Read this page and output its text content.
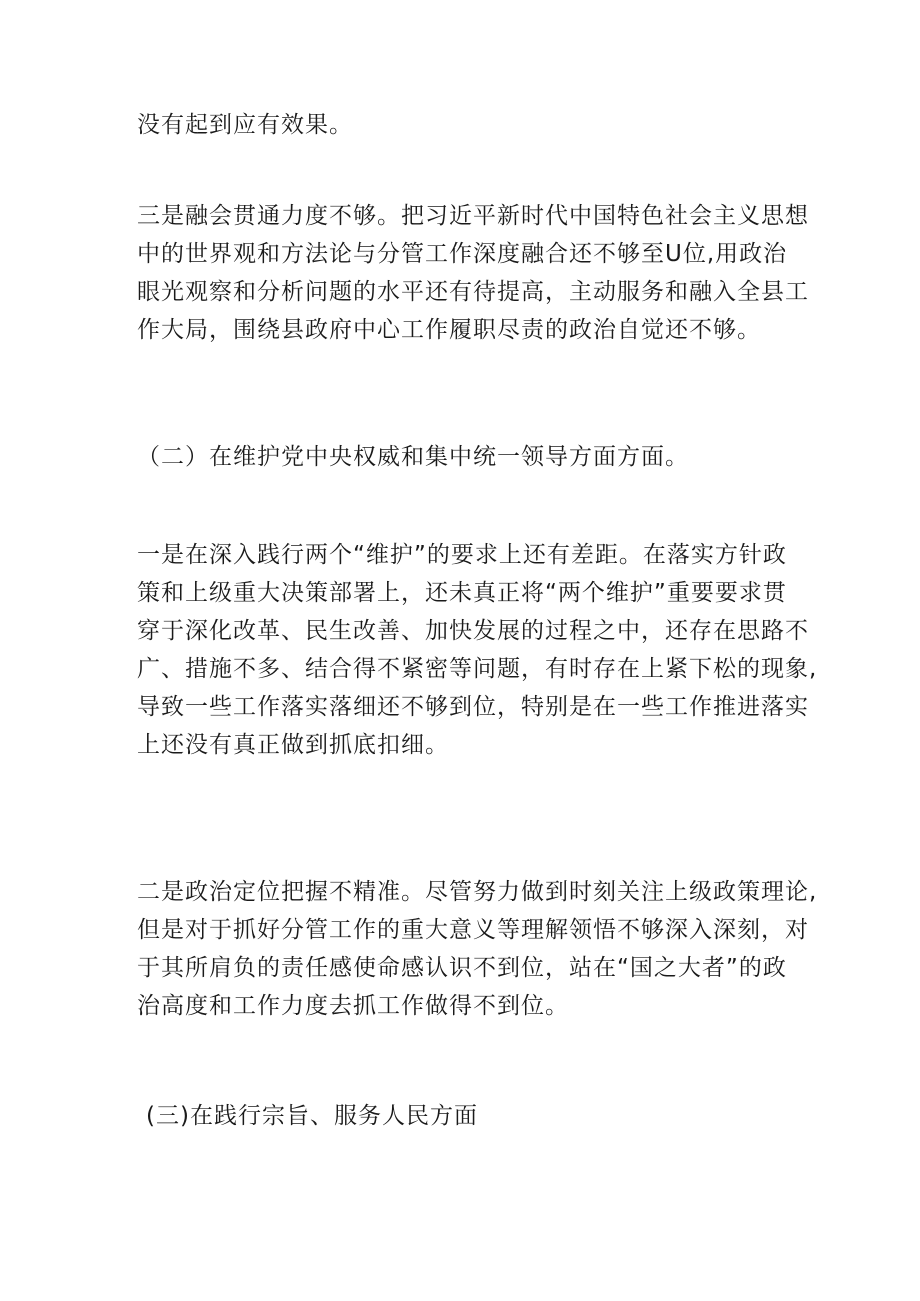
没有起到应有效果。

三是融会贯通力度不够。把习近平新时代中国特色社会主义思想
中的世界观和方法论与分管工作深度融合还不够至U位,用政治
眼光观察和分析问题的水平还有待提高，主动服务和融入全县工
作大局，围绕县政府中心工作履职尽责的政治自觉还不够。

（二）在维护党中央权威和集中统一领导方面方面。

一是在深入践行两个“维护”的要求上还有差距。在落实方针政
策和上级重大决策部署上，还未真正将“两个维护”重要要求贯
穿于深化改革、民生改善、加快发展的过程之中，还存在思路不
广、措施不多、结合得不紧密等问题，有时存在上紧下松的现象,
导致一些工作落实落细还不够到位，特别是在一些工作推进落实
上还没有真正做到抓底扣细。

二是政治定位把握不精准。尽管努力做到时刻关注上级政策理论,
但是对于抓好分管工作的重大意义等理解领悟不够深入深刻，对
于其所肩负的责任感使命感认识不到位，站在“国之大者”的政
治高度和工作力度去抓工作做得不到位。

(三)在践行宗旨、服务人民方面
